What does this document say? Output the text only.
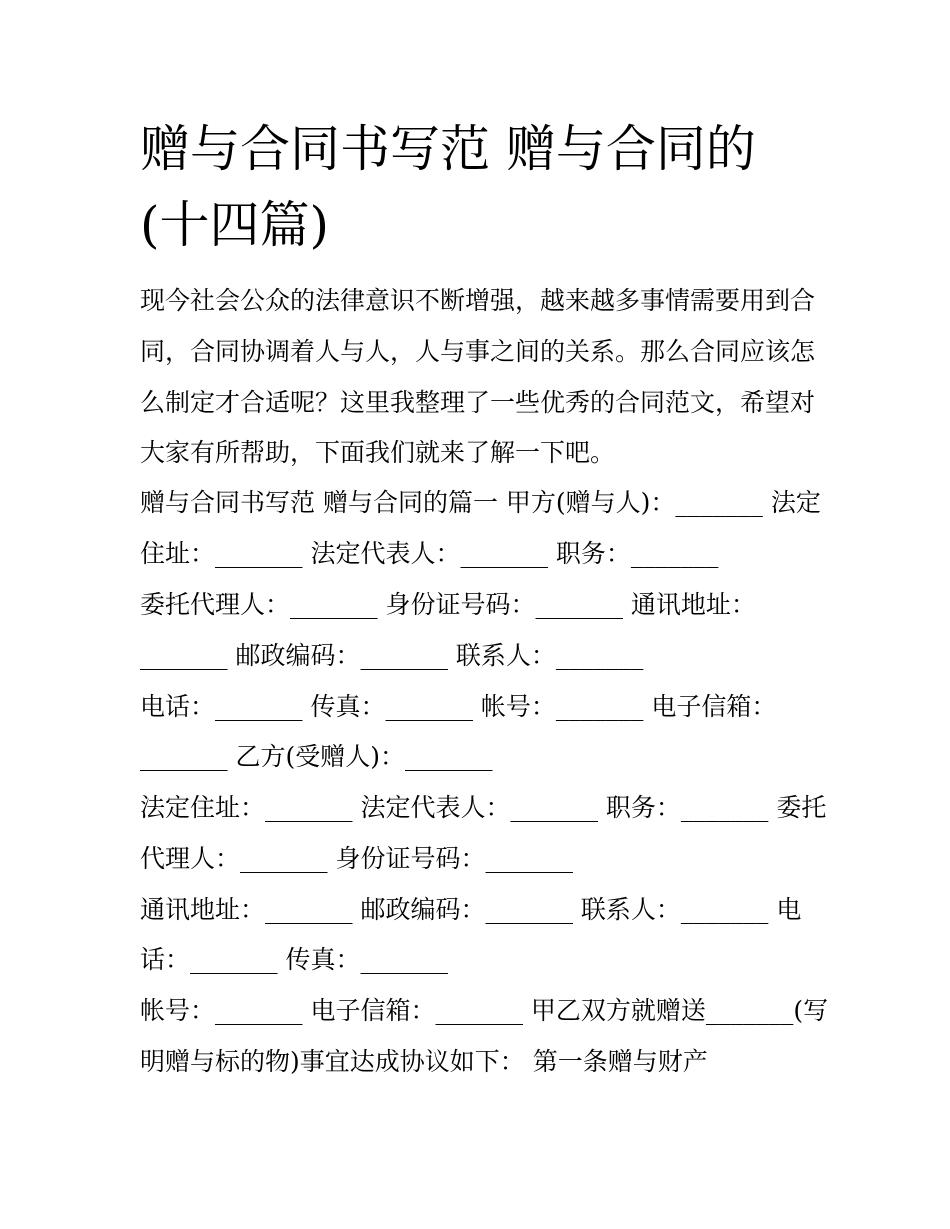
赠与合同书写范 赠与合同的
(十四篇)
现今社会公众的法律意识不断增强，越来越多事情需要用到合
同，合同协调着人与人，人与事之间的关系。那么合同应该怎
么制定才合适呢？这里我整理了一些优秀的合同范文，希望对
大家有所帮助，下面我们就来了解一下吧。
赠与合同书写范 赠与合同的篇一 甲方(赠与人)：_______ 法定
住址：_______ 法定代表人：_______ 职务：_______
委托代理人：_______ 身份证号码：_______ 通讯地址：
_______ 邮政编码：_______ 联系人：_______
电话：_______ 传真：_______ 帐号：_______ 电子信箱：
_______ 乙方(受赠人)：_______
法定住址：_______ 法定代表人：_______ 职务：_______ 委托
代理人：_______ 身份证号码：_______
通讯地址：_______ 邮政编码：_______ 联系人：_______ 电
话：_______ 传真：_______
帐号：_______ 电子信箱：_______ 甲乙双方就赠送_______(写
明赠与标的物)事宜达成协议如下： 第一条赠与财产
